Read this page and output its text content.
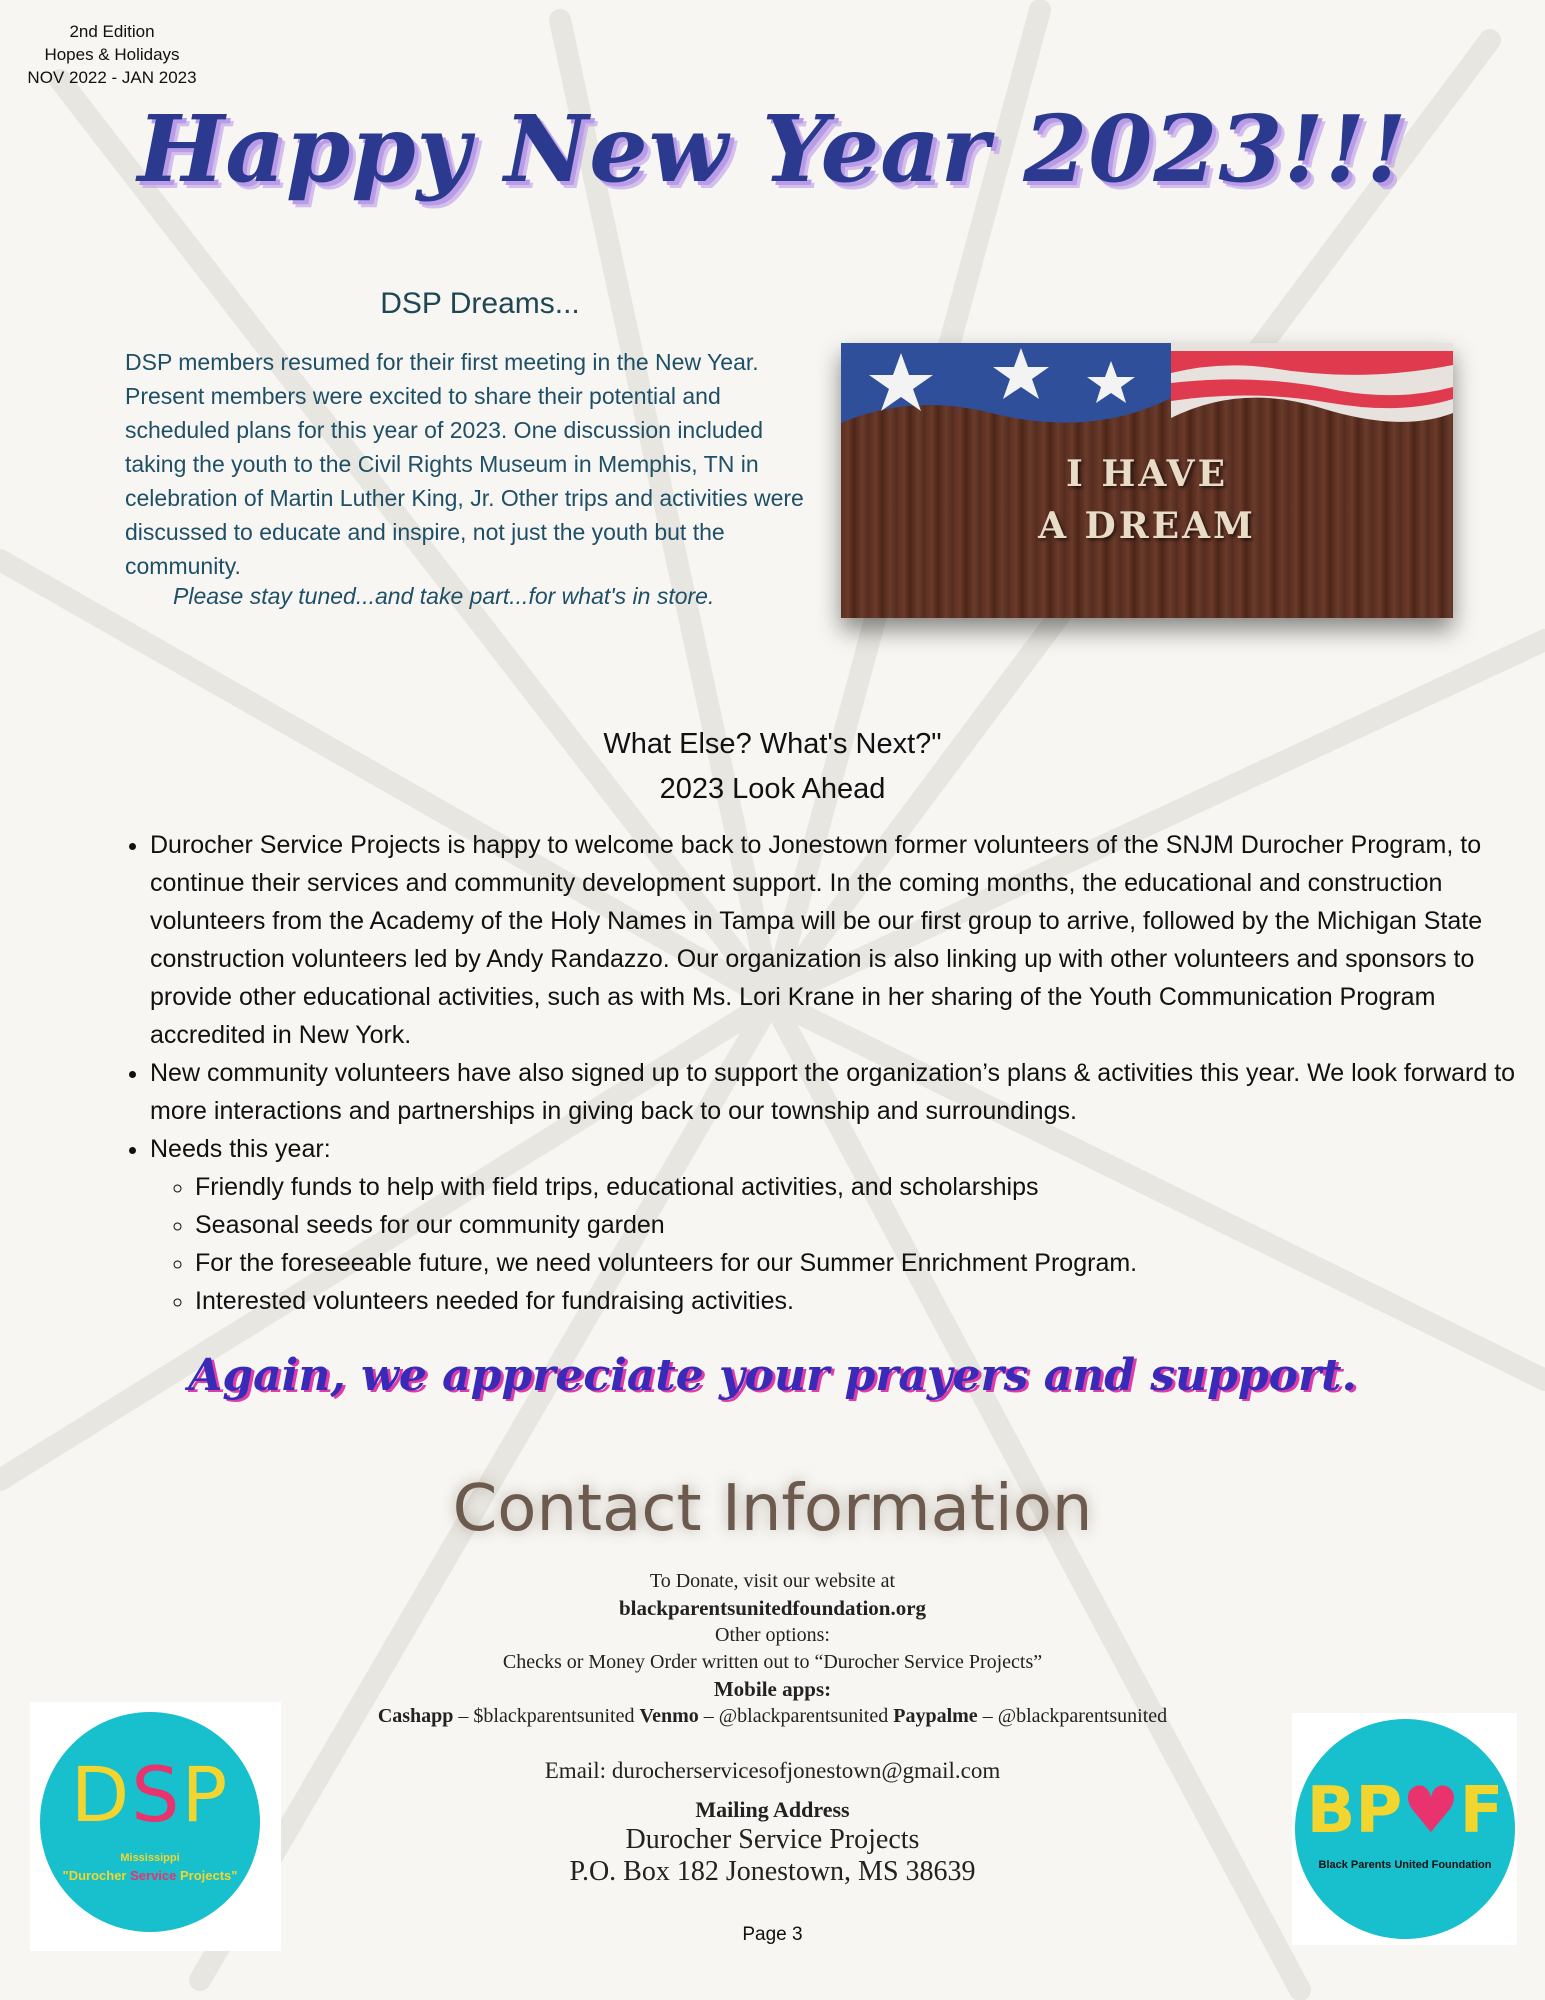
2nd Edition
Hopes & Holidays
NOV 2022 - JAN 2023
Happy New Year 2023!!!
DSP Dreams...
DSP members resumed for their first meeting in the New Year. Present members were excited to share their potential and scheduled plans for this year of 2023. One discussion included taking the youth to the Civil Rights Museum in Memphis, TN in celebration of Martin Luther King, Jr. Other trips and activities were discussed to educate and inspire, not just the youth but the community.
Please stay tuned...and take part...for what's in store.
I HAVE
A DREAM
What Else? What's Next?"
2023 Look Ahead
• Durocher Service Projects is happy to welcome back to Jonestown former volunteers of the SNJM Durocher Program, to continue their services and community development support. In the coming months, the educational and construction volunteers from the Academy of the Holy Names in Tampa will be our first group to arrive, followed by the Michigan State construction volunteers led by Andy Randazzo. Our organization is also linking up with other volunteers and sponsors to provide other educational activities, such as with Ms. Lori Krane in her sharing of the Youth Communication Program accredited in New York.
• New community volunteers have also signed up to support the organization’s plans & activities this year. We look forward to more interactions and partnerships in giving back to our township and surroundings.
• Needs this year:
◦ Friendly funds to help with field trips, educational activities, and scholarships
◦ Seasonal seeds for our community garden
◦ For the foreseeable future, we need volunteers for our Summer Enrichment Program.
◦ Interested volunteers needed for fundraising activities.
Again, we appreciate your prayers and support.
Contact Information
To Donate, visit our website at
blackparentsunitedfoundation.org
Other options:
Checks or Money Order written out to “Durocher Service Projects”
Mobile apps:
Cashapp – $blackparentsunited Venmo – @blackparentsunited Paypalme – @blackparentsunited
Email: durocherservicesofjonestown@gmail.com
Mailing Address
Durocher Service Projects
P.O. Box 182 Jonestown, MS 38639
DSP
Mississippi
"Durocher Service Projects"
BP♥F
Black Parents United Foundation
Page 3
